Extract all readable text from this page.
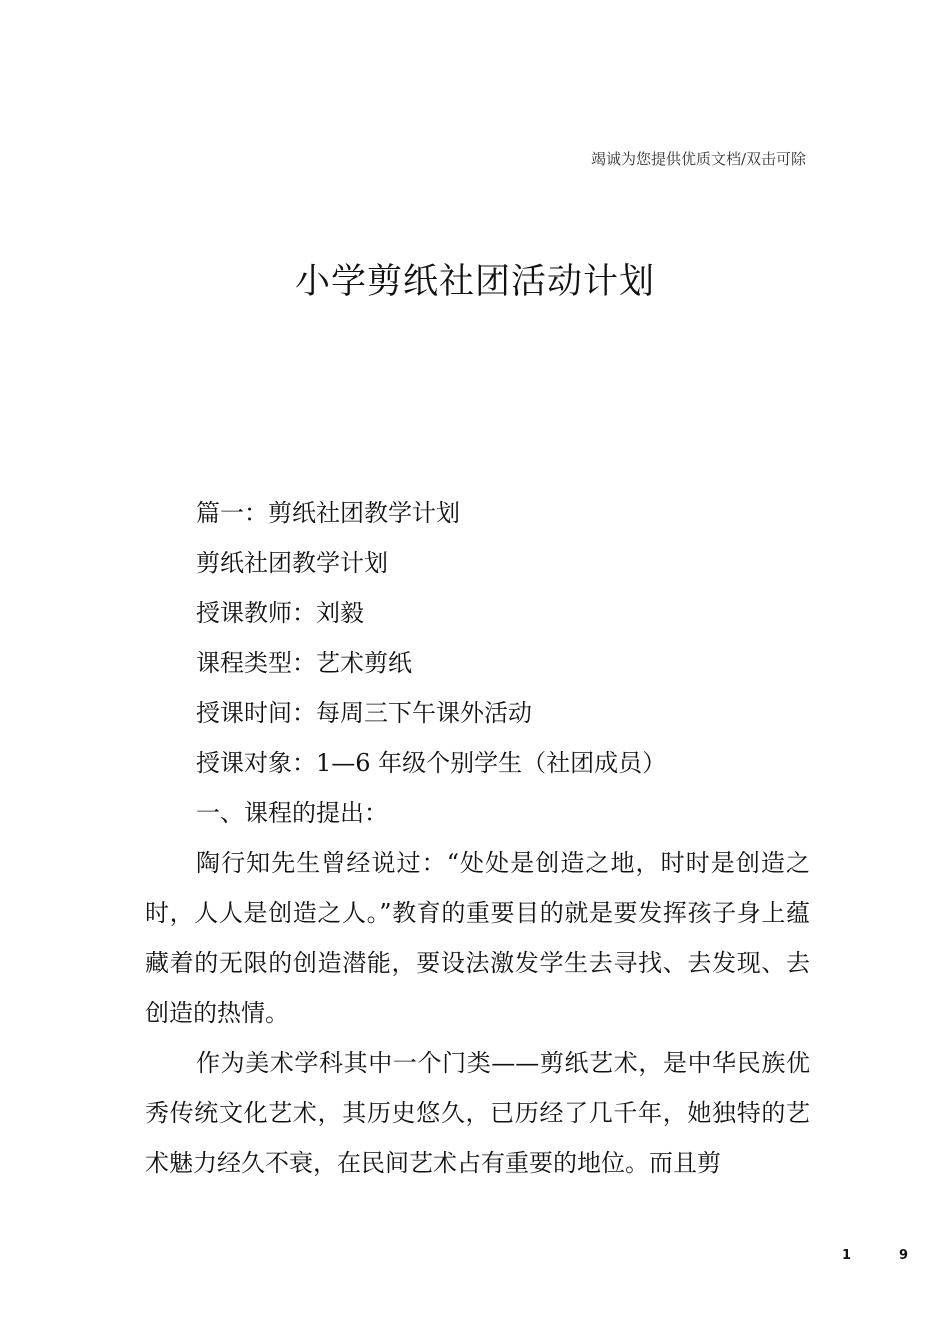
竭诚为您提供优质文档/双击可除
小学剪纸社团活动计划

篇一：剪纸社团教学计划

剪纸社团教学计划

授课教师：刘毅

课程类型：艺术剪纸

授课时间：每周三下午课外活动

授课对象：1—6 年级个别学生（社团成员）

一、课程的提出：

陶行知先生曾经说过：“处处是创造之地，时时是创造之时，人人是创造之人。”教育的重要目的就是要发挥孩子身上蕴藏着的无限的创造潜能，要设法激发学生去寻找、去发现、去创造的热情。

作为美术学科其中一个门类——剪纸艺术，是中华民族优秀传统文化艺术，其历史悠久，已历经了几千年，她独特的艺术魅力经久不衰，在民间艺术占有重要的地位。而且剪

1	9
